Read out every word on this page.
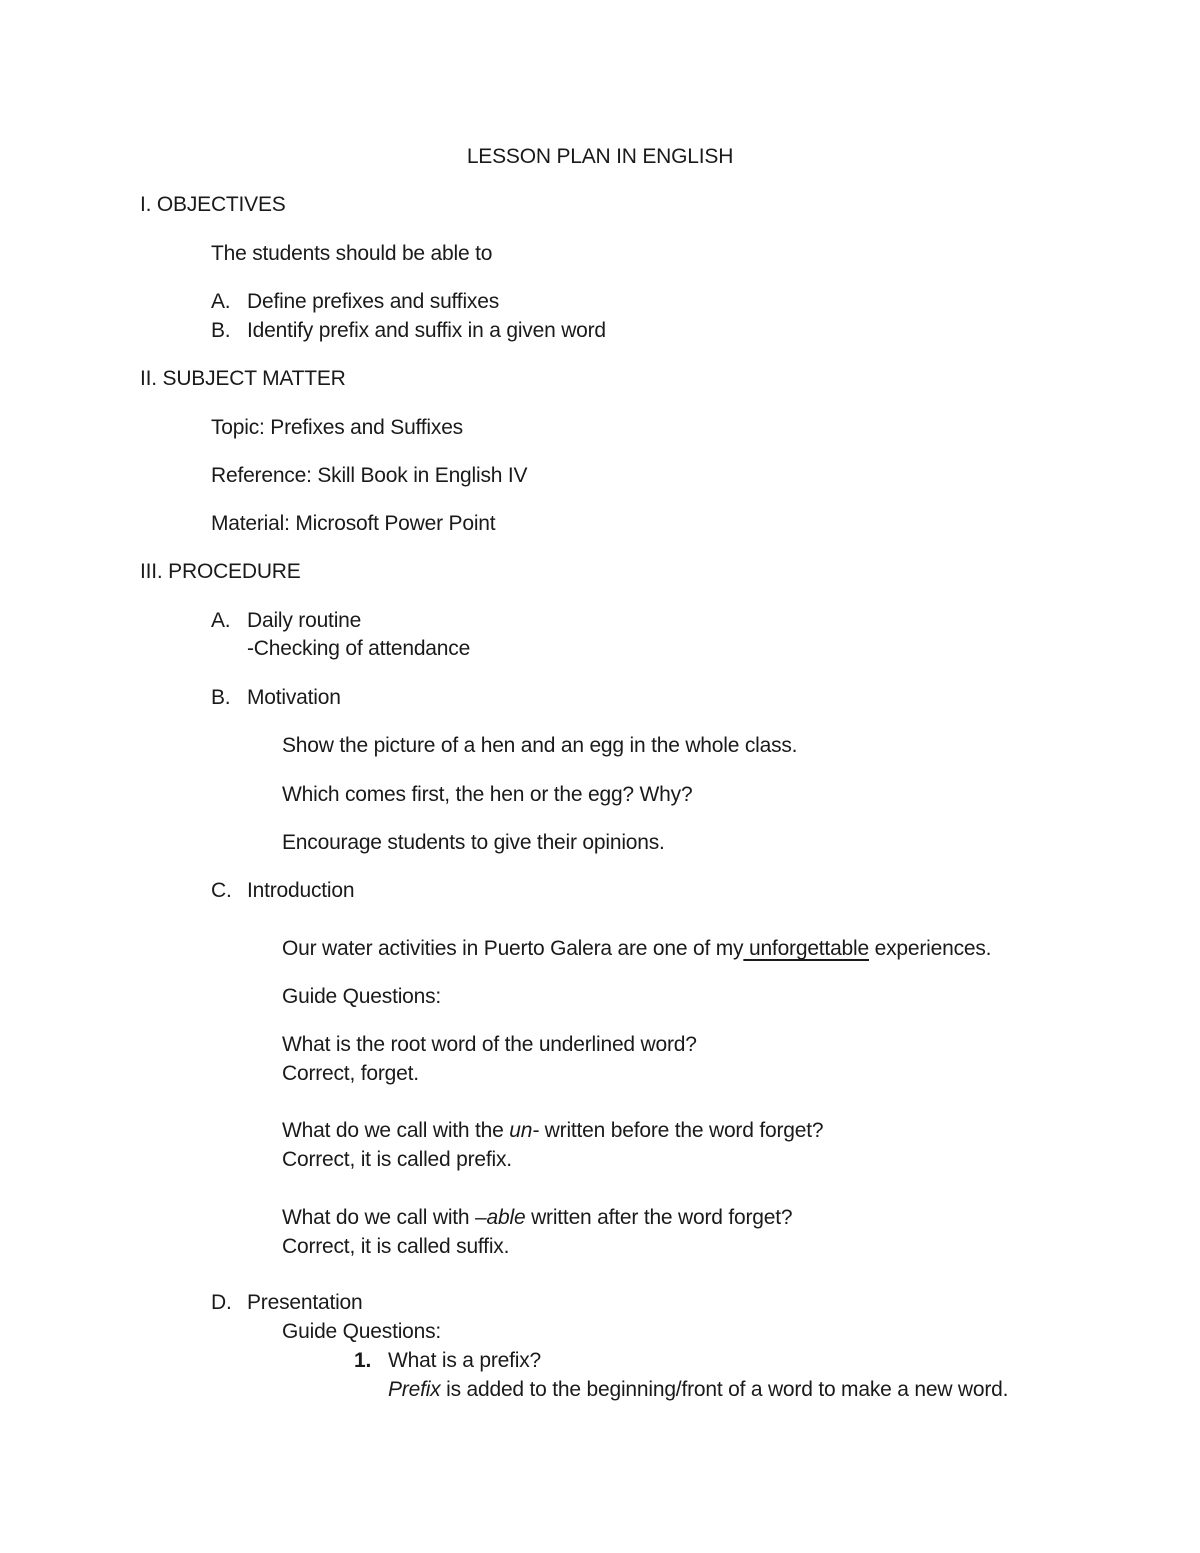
LESSON PLAN IN ENGLISH
I. OBJECTIVES
The students should be able to
A. Define prefixes and suffixes
B. Identify prefix and suffix in a given word
II. SUBJECT MATTER
Topic: Prefixes and Suffixes
Reference: Skill Book in English IV
Material: Microsoft Power Point
III. PROCEDURE
A. Daily routine
-Checking of attendance
B. Motivation
Show the picture of a hen and an egg in the whole class.
Which comes first, the hen or the egg? Why?
Encourage students to give their opinions.
C. Introduction
Our water activities in Puerto Galera are one of my unforgettable experiences.
Guide Questions:
What is the root word of the underlined word?
Correct, forget.
What do we call with the un- written before the word forget?
Correct, it is called prefix.
What do we call with –able written after the word forget?
Correct, it is called suffix.
D. Presentation
Guide Questions:
1. What is a prefix?
Prefix is added to the beginning/front of a word to make a new word.
